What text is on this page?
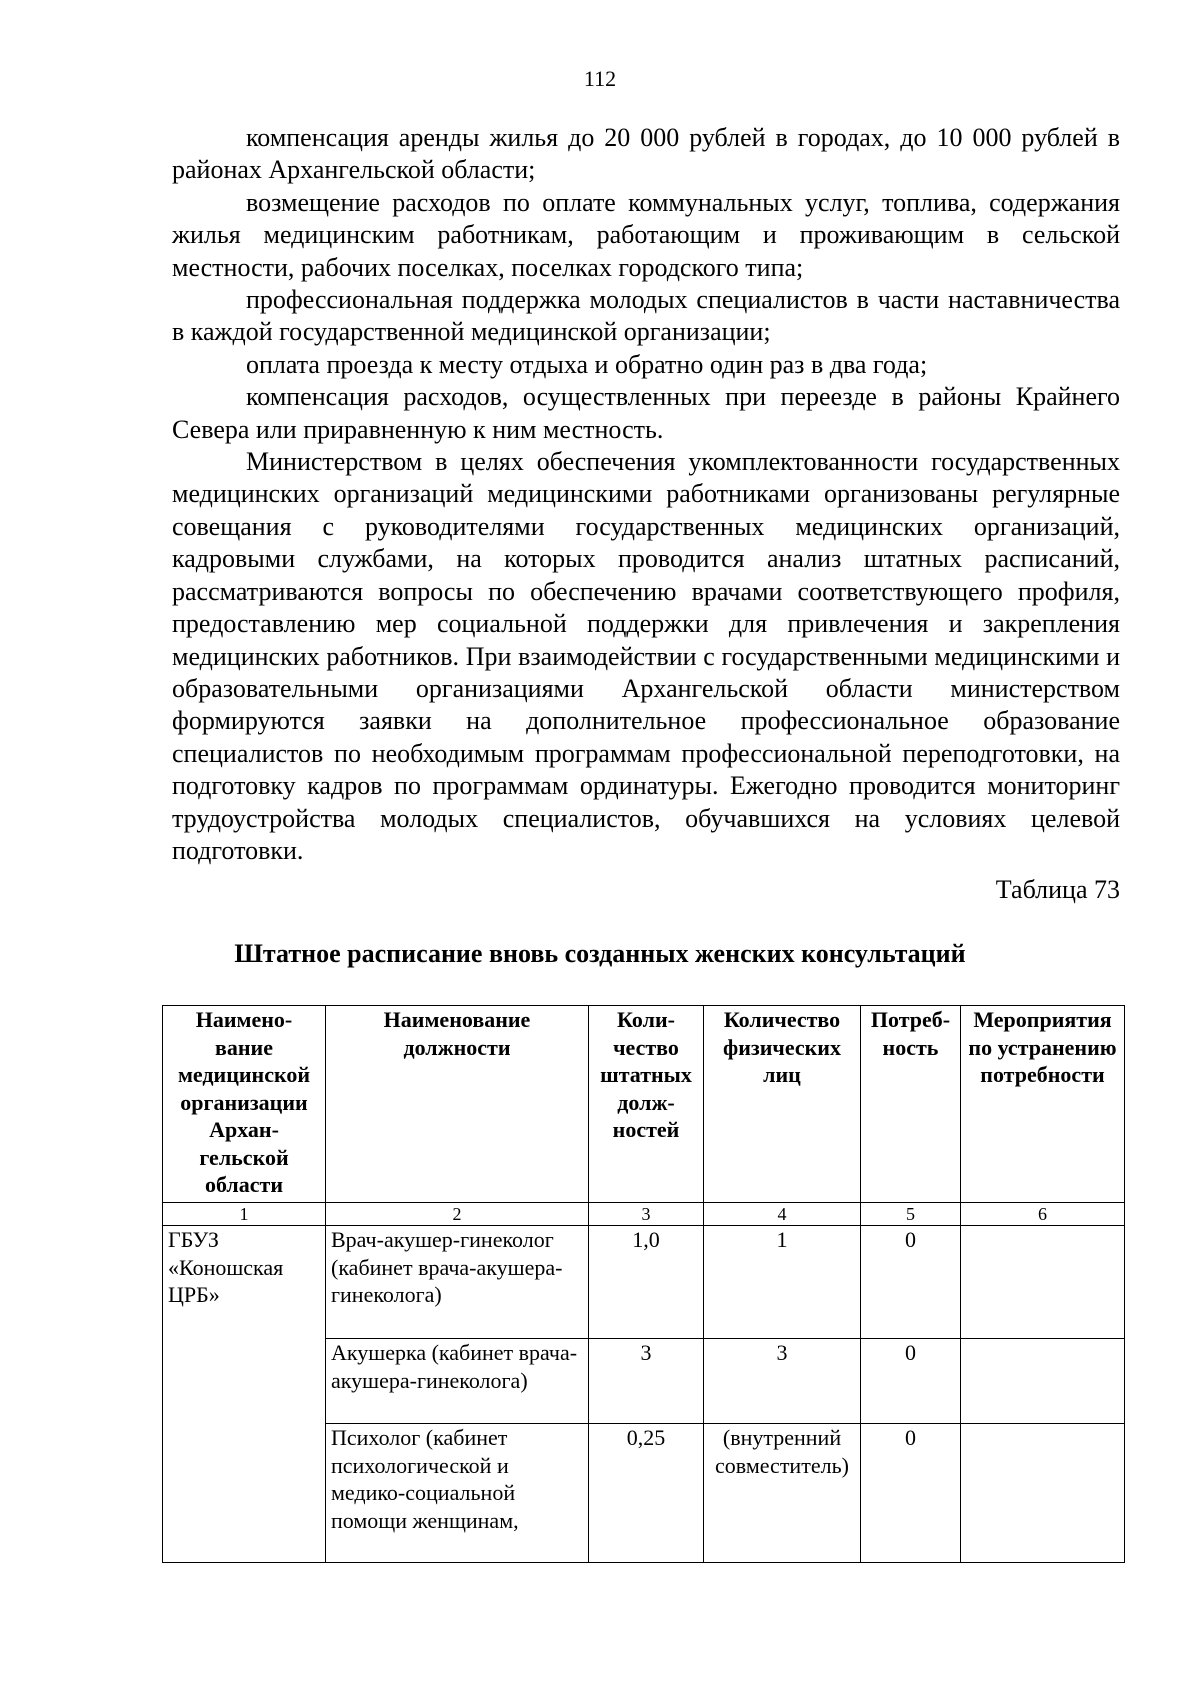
112

компенсация аренды жилья до 20 000 рублей в городах, до 10 000 рублей в районах Архангельской области;

возмещение расходов по оплате коммунальных услуг, топлива, содержания жилья медицинским работникам, работающим и проживающим в сельской местности, рабочих поселках, поселках городского типа;

профессиональная поддержка молодых специалистов в части наставничества в каждой государственной медицинской организации;

оплата проезда к месту отдыха и обратно один раз в два года;

компенсация расходов, осуществленных при переезде в районы Крайнего Севера или приравненную к ним местность.

Министерством в целях обеспечения укомплектованности государственных медицинских организаций медицинскими работниками организованы регулярные совещания с руководителями государственных медицинских организаций, кадровыми службами, на которых проводится анализ штатных расписаний, рассматриваются вопросы по обеспечению врачами соответствующего профиля, предоставлению мер социальной поддержки для привлечения и закрепления медицинских работников. При взаимодействии с государственными медицинскими и образовательными организациями Архангельской области министерством формируются заявки на дополнительное профессиональное образование специалистов по необходимым программам профессиональной переподготовки, на подготовку кадров по программам ординатуры. Ежегодно проводится мониторинг трудоустройства молодых специалистов, обучавшихся на условиях целевой подготовки.

Таблица 73
Штатное расписание вновь созданных женских консультаций
Наимено-вание медицинской организации Архан-гельской области	Наименование должности	Коли-чество штатных долж-ностей	Количество физических лиц	Потреб-ность	Мероприятия по устранению потребности
1	2	3	4	5	6
ГБУЗ «Коношская ЦРБ»	Врач-акушер-гинеколог (кабинет врача-акушера-гинеколога)	1,0	1	0	
	Акушерка (кабинет врача-акушера-гинеколога)	3	3	0	
	Психолог (кабинет психологической и медико-социальной помощи женщинам,	0,25	(внутренний совместитель)	0	
